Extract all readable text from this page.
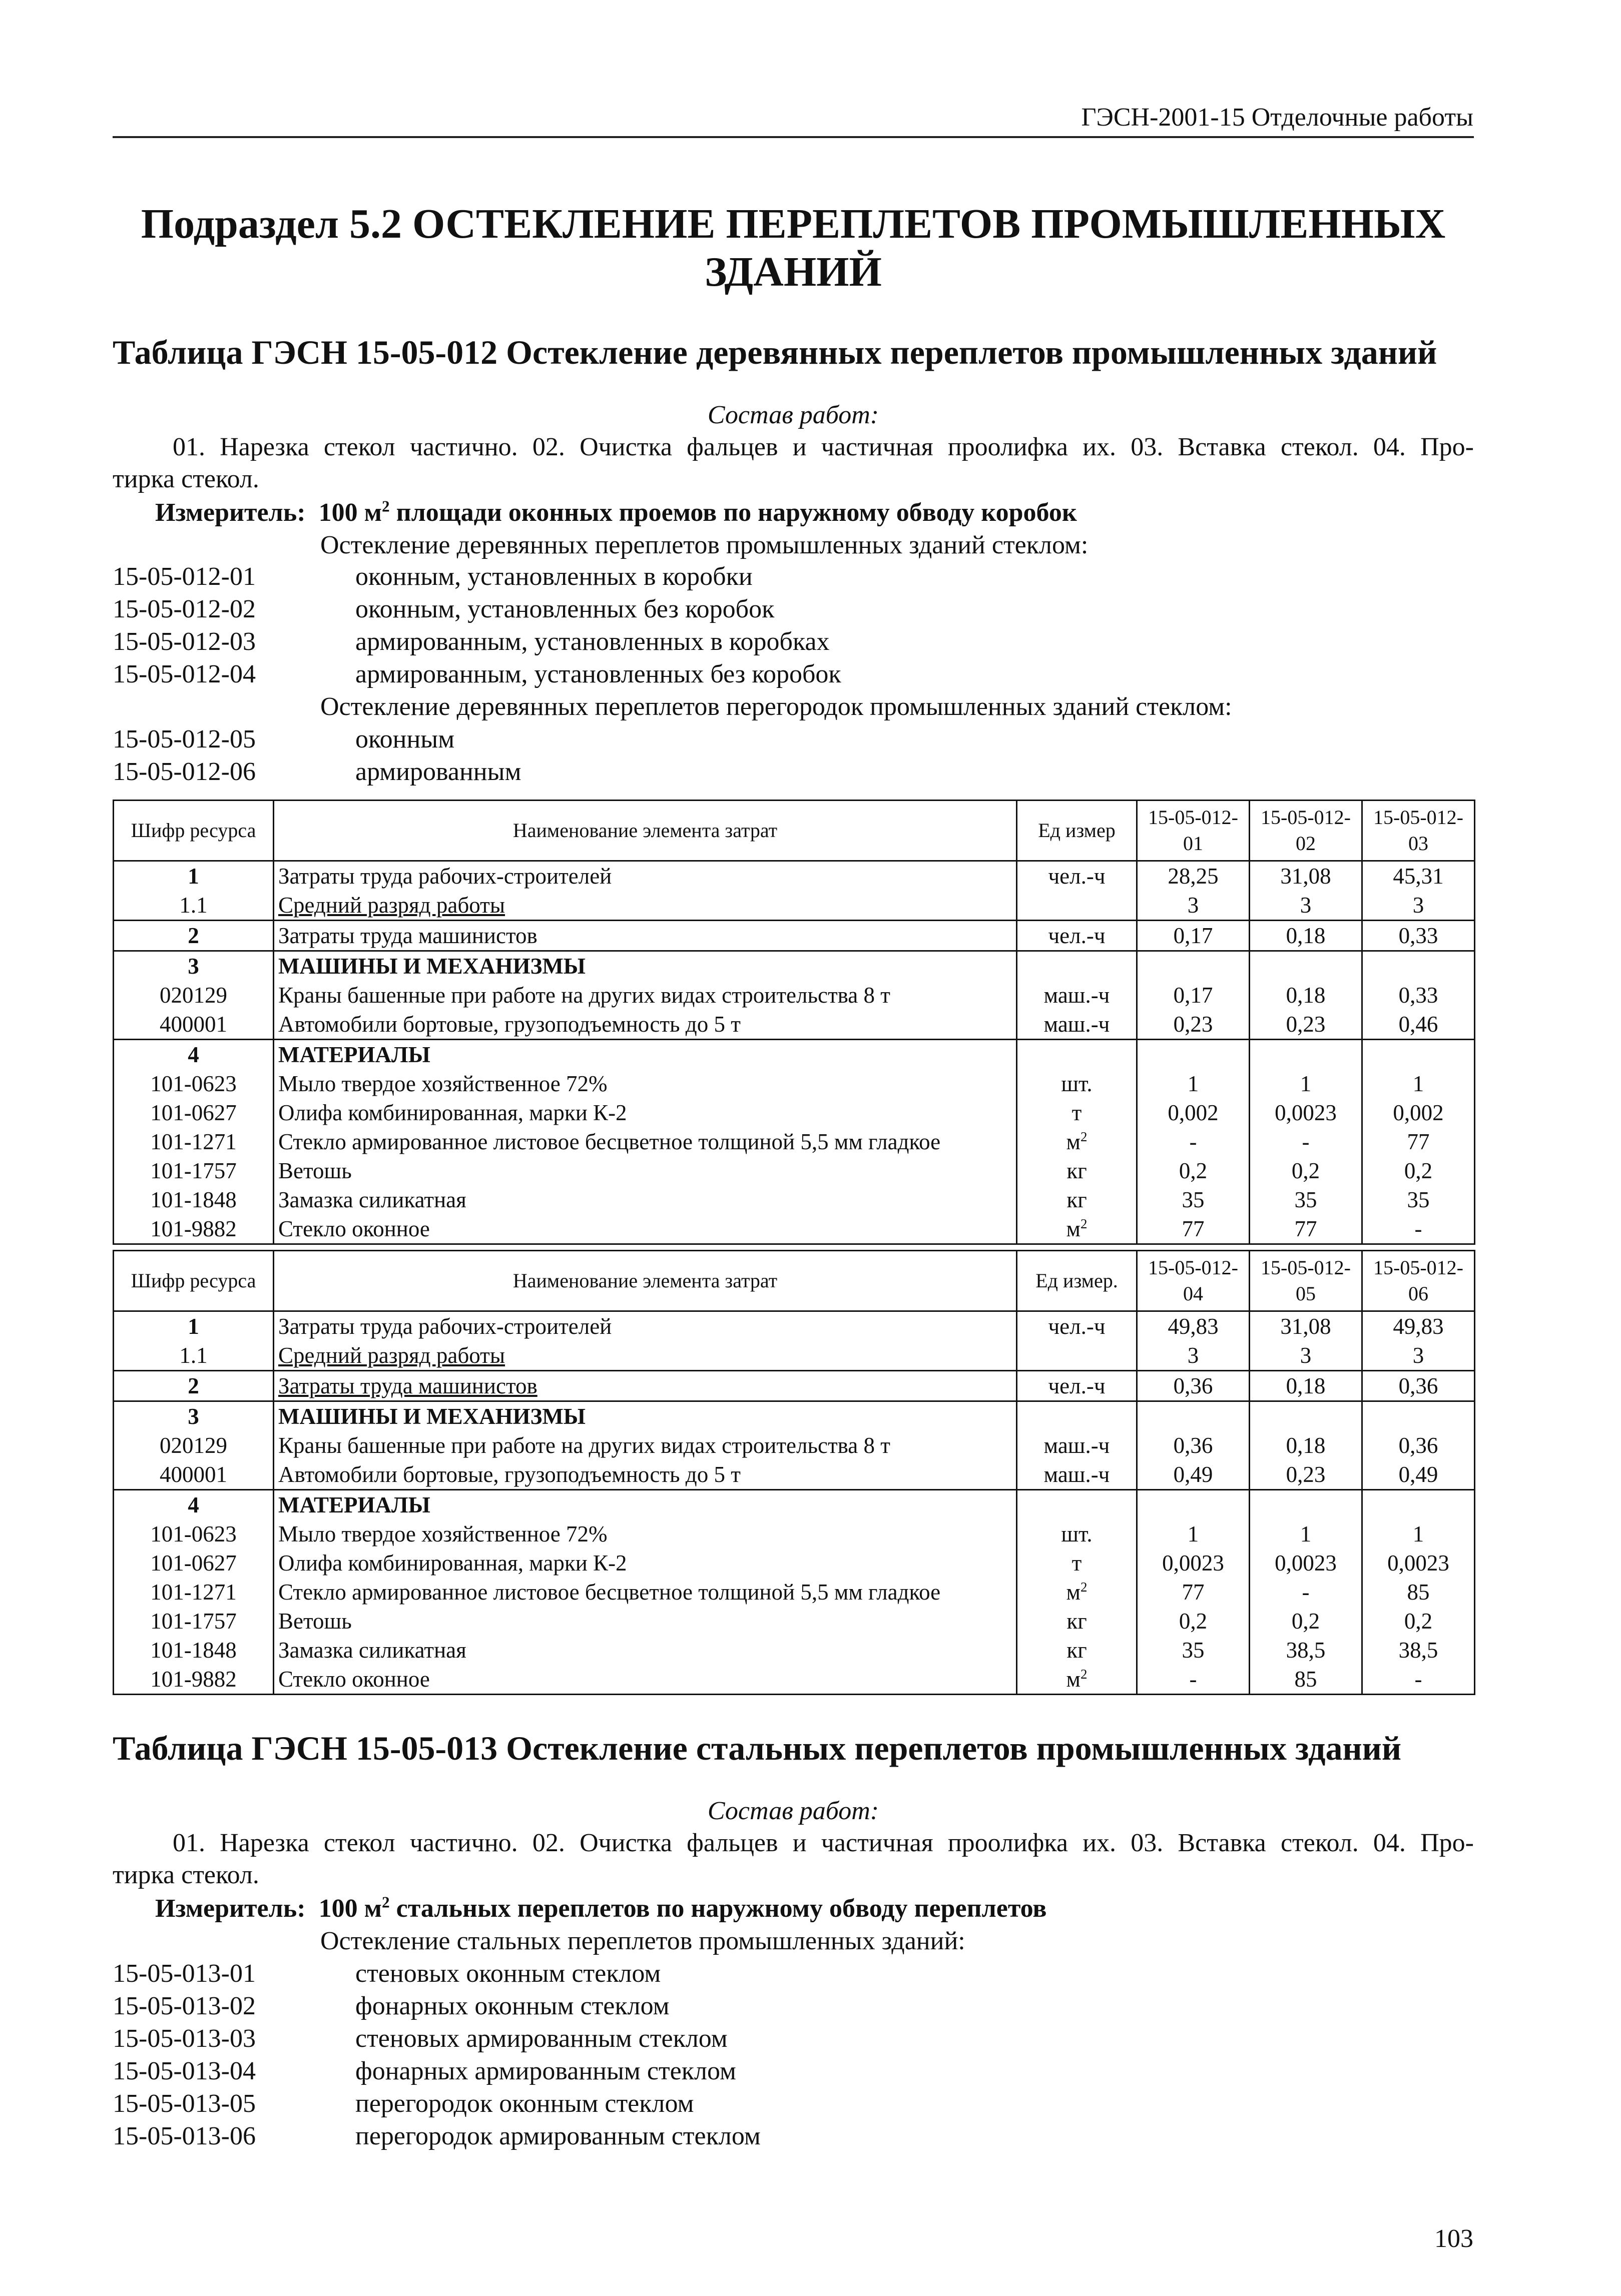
ГЭСН-2001-15 Отделочные работы
Подраздел 5.2 ОСТЕКЛЕНИЕ ПЕРЕПЛЕТОВ ПРОМЫШЛЕННЫХ
ЗДАНИЙ
Таблица ГЭСН 15-05-012 Остекление деревянных переплетов промышленных зданий
Состав работ:
01. Нарезка стекол частично. 02. Очистка фальцев и частичная проолифка их. 03. Вставка стекол. 04. Про-
тирка стекол.
Измеритель: 100 $м^2$ площади оконных проемов по наружному обводу коробок
Остекление деревянных переплетов промышленных зданий стеклом:
15-05-012-01	оконным, установленных в коробки
15-05-012-02	оконным, установленных без коробок
15-05-012-03	армированным, установленных в коробках
15-05-012-04	армированным, установленных без коробок
Остекление деревянных переплетов перегородок промышленных зданий стеклом:
15-05-012-05	оконным
15-05-012-06	армированным
Шифр ресурса	Наименование элемента затрат	Ед измер	15-05-012-01	15-05-012-02	15-05-012-03
1	Затраты труда рабочих-строителей	чел.-ч	28,25	31,08	45,31
1.1	Средний разряд работы		3	3	3
2	Затраты труда машинистов	чел.-ч	0,17	0,18	0,33
3	МАШИНЫ И МЕХАНИЗМЫ				
020129	Краны башенные при работе на других видах строительства 8 т	маш.-ч	0,17	0,18	0,33
400001	Автомобили бортовые, грузоподъемность до 5 т	маш.-ч	0,23	0,23	0,46
4	МАТЕРИАЛЫ				
101-0623	Мыло твердое хозяйственное 72%	шт.	1	1	1
101-0627	Олифа комбинированная, марки К-2	т	0,002	0,0023	0,002
101-1271	Стекло армированное листовое бесцветное толщиной 5,5 мм гладкое	$м^2$	-	-	77
101-1757	Ветошь	кг	0,2	0,2	0,2
101-1848	Замазка силикатная	кг	35	35	35
101-9882	Стекло оконное	$м^2$	77	77	-
Шифр ресурса	Наименование элемента затрат	Ед измер.	15-05-012-04	15-05-012-05	15-05-012-06
1	Затраты труда рабочих-строителей	чел.-ч	49,83	31,08	49,83
1.1	Средний разряд работы		3	3	3
2	Затраты труда машинистов	чел.-ч	0,36	0,18	0,36
3	МАШИНЫ И МЕХАНИЗМЫ				
020129	Краны башенные при работе на других видах строительства 8 т	маш.-ч	0,36	0,18	0,36
400001	Автомобили бортовые, грузоподъемность до 5 т	маш.-ч	0,49	0,23	0,49
4	МАТЕРИАЛЫ				
101-0623	Мыло твердое хозяйственное 72%	шт.	1	1	1
101-0627	Олифа комбинированная, марки К-2	т	0,0023	0,0023	0,0023
101-1271	Стекло армированное листовое бесцветное толщиной 5,5 мм гладкое	$м^2$	77	-	85
101-1757	Ветошь	кг	0,2	0,2	0,2
101-1848	Замазка силикатная	кг	35	38,5	38,5
101-9882	Стекло оконное	$м^2$	-	85	-
Таблица ГЭСН 15-05-013 Остекление стальных переплетов промышленных зданий
Состав работ:
01. Нарезка стекол частично. 02. Очистка фальцев и частичная проолифка их. 03. Вставка стекол. 04. Про-
тирка стекол.
Измеритель: 100 $м^2$ стальных переплетов по наружному обводу переплетов
Остекление стальных переплетов промышленных зданий:
15-05-013-01	стеновых оконным стеклом
15-05-013-02	фонарных оконным стеклом
15-05-013-03	стеновых армированным стеклом
15-05-013-04	фонарных армированным стеклом
15-05-013-05	перегородок оконным стеклом
15-05-013-06	перегородок армированным стеклом
103
